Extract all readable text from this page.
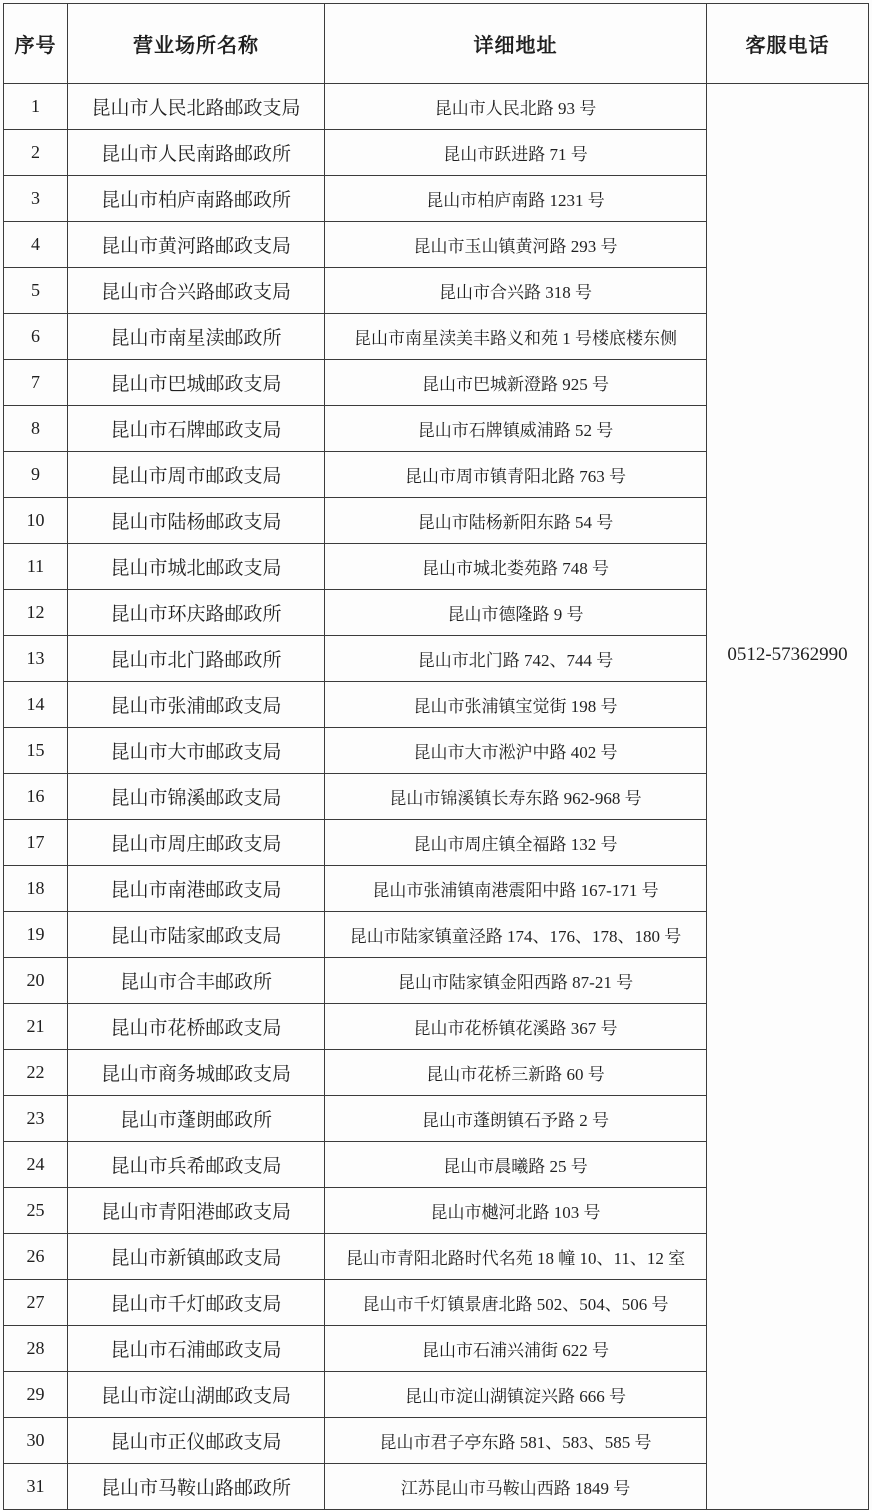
序号	营业场所名称	详细地址	客服电话
1	昆山市人民北路邮政支局	昆山市人民北路 93 号	0512-57362990

2	昆山市人民南路邮政所	昆山市跃进路 71 号	
3	昆山市柏庐南路邮政所	昆山市柏庐南路 1231 号	
4	昆山市黄河路邮政支局	昆山市玉山镇黄河路 293 号	
5	昆山市合兴路邮政支局	昆山市合兴路 318 号	
6	昆山市南星渎邮政所	昆山市南星渎美丰路义和苑 1 号楼底楼东侧	
7	昆山市巴城邮政支局	昆山市巴城新澄路 925 号	
8	昆山市石牌邮政支局	昆山市石牌镇威浦路 52 号	
9	昆山市周市邮政支局	昆山市周市镇青阳北路 763 号	
10	昆山市陆杨邮政支局	昆山市陆杨新阳东路 54 号	
11	昆山市城北邮政支局	昆山市城北娄苑路 748 号	
12	昆山市环庆路邮政所	昆山市德隆路 9 号	
13	昆山市北门路邮政所	昆山市北门路 742、744 号	
14	昆山市张浦邮政支局	昆山市张浦镇宝觉街 198 号	
15	昆山市大市邮政支局	昆山市大市淞沪中路 402 号	
16	昆山市锦溪邮政支局	昆山市锦溪镇长寿东路 962-968 号	
17	昆山市周庄邮政支局	昆山市周庄镇全福路 132 号	
18	昆山市南港邮政支局	昆山市张浦镇南港震阳中路 167-171 号	
19	昆山市陆家邮政支局	昆山市陆家镇童泾路 174、176、178、180 号	
20	昆山市合丰邮政所	昆山市陆家镇金阳西路 87-21 号	
21	昆山市花桥邮政支局	昆山市花桥镇花溪路 367 号	
22	昆山市商务城邮政支局	昆山市花桥三新路 60 号	
23	昆山市蓬朗邮政所	昆山市蓬朗镇石予路 2 号	
24	昆山市兵希邮政支局	昆山市晨曦路 25 号	
25	昆山市青阳港邮政支局	昆山市樾河北路 103 号	
26	昆山市新镇邮政支局	昆山市青阳北路时代名苑 18 幢 10、11、12 室	
27	昆山市千灯邮政支局	昆山市千灯镇景唐北路 502、504、506 号	
28	昆山市石浦邮政支局	昆山市石浦兴浦街 622 号	
29	昆山市淀山湖邮政支局	昆山市淀山湖镇淀兴路 666 号	
30	昆山市正仪邮政支局	昆山市君子亭东路 581、583、585 号	
31	昆山市马鞍山路邮政所	江苏昆山市马鞍山西路 1849 号	
